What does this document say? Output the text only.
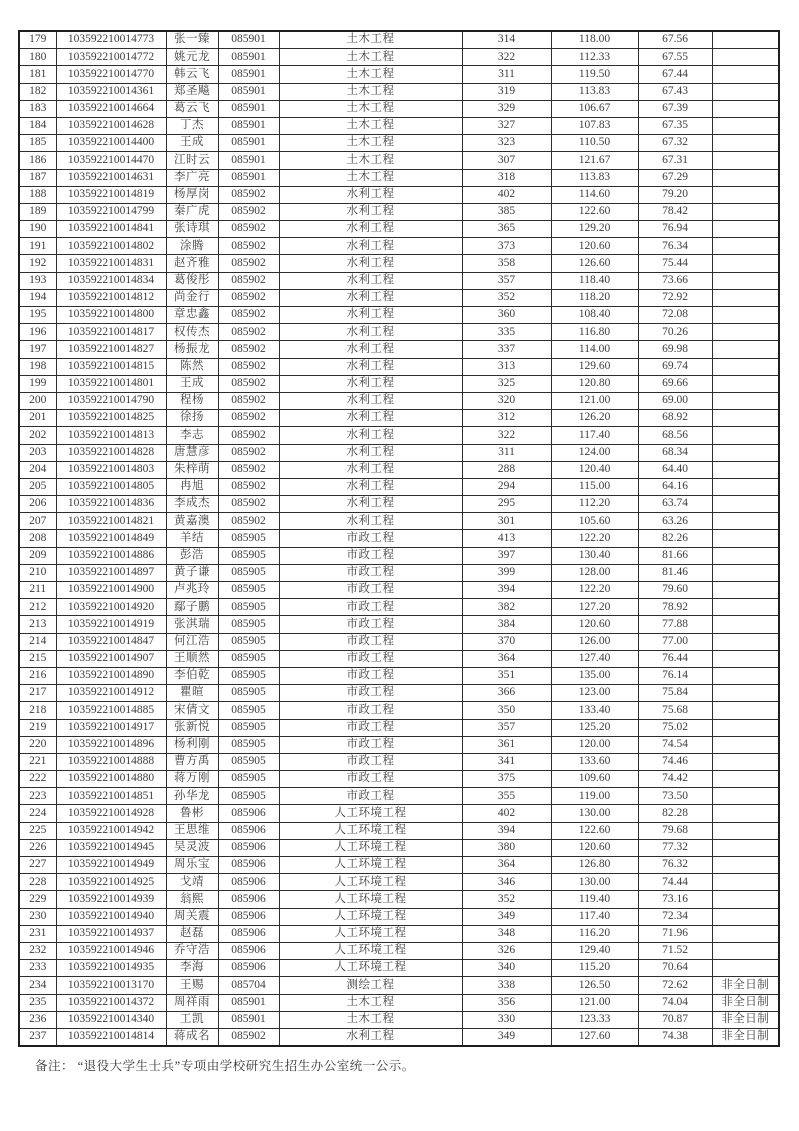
179	103592210014773	张一臻	085901	土木工程	314	118.00	67.56	
180	103592210014772	姚元龙	085901	土木工程	322	112.33	67.55	
181	103592210014770	韩云飞	085901	土木工程	311	119.50	67.44	
182	103592210014361	郑圣飚	085901	土木工程	319	113.83	67.43	
183	103592210014664	葛云飞	085901	土木工程	329	106.67	67.39	
184	103592210014628	丁杰	085901	土木工程	327	107.83	67.35	
185	103592210014400	王成	085901	土木工程	323	110.50	67.32	
186	103592210014470	江时云	085901	土木工程	307	121.67	67.31	
187	103592210014631	李广亮	085901	土木工程	318	113.83	67.29	
188	103592210014819	杨厚岗	085902	水利工程	402	114.60	79.20	
189	103592210014799	秦广虎	085902	水利工程	385	122.60	78.42	
190	103592210014841	张诗琪	085902	水利工程	365	129.20	76.94	
191	103592210014802	涂腾	085902	水利工程	373	120.60	76.34	
192	103592210014831	赵齐雅	085902	水利工程	358	126.60	75.44	
193	103592210014834	葛俊彤	085902	水利工程	357	118.40	73.66	
194	103592210014812	尚金行	085902	水利工程	352	118.20	72.92	
195	103592210014800	章忠鑫	085902	水利工程	360	108.40	72.08	
196	103592210014817	权传杰	085902	水利工程	335	116.80	70.26	
197	103592210014827	杨振龙	085902	水利工程	337	114.00	69.98	
198	103592210014815	陈然	085902	水利工程	313	129.60	69.74	
199	103592210014801	王成	085902	水利工程	325	120.80	69.66	
200	103592210014790	程杨	085902	水利工程	320	121.00	69.00	
201	103592210014825	徐扬	085902	水利工程	312	126.20	68.92	
202	103592210014813	李志	085902	水利工程	322	117.40	68.56	
203	103592210014828	唐慧彦	085902	水利工程	311	124.00	68.34	
204	103592210014803	朱梓萌	085902	水利工程	288	120.40	64.40	
205	103592210014805	冉旭	085902	水利工程	294	115.00	64.16	
206	103592210014836	李成杰	085902	水利工程	295	112.20	63.74	
207	103592210014821	黄嘉澳	085902	水利工程	301	105.60	63.26	
208	103592210014849	羊结	085905	市政工程	413	122.20	82.26	
209	103592210014886	彭浩	085905	市政工程	397	130.40	81.66	
210	103592210014897	黄子谦	085905	市政工程	399	128.00	81.46	
211	103592210014900	卢兆玲	085905	市政工程	394	122.20	79.60	
212	103592210014920	鄢子鹏	085905	市政工程	382	127.20	78.92	
213	103592210014919	张淇瑞	085905	市政工程	384	120.60	77.88	
214	103592210014847	何江浩	085905	市政工程	370	126.00	77.00	
215	103592210014907	王顺然	085905	市政工程	364	127.40	76.44	
216	103592210014890	李伯乾	085905	市政工程	351	135.00	76.14	
217	103592210014912	瞿暄	085905	市政工程	366	123.00	75.84	
218	103592210014885	宋倩文	085905	市政工程	350	133.40	75.68	
219	103592210014917	张新悦	085905	市政工程	357	125.20	75.02	
220	103592210014896	杨利刚	085905	市政工程	361	120.00	74.54	
221	103592210014888	曹方禹	085905	市政工程	341	133.60	74.46	
222	103592210014880	蒋万刚	085905	市政工程	375	109.60	74.42	
223	103592210014851	孙华龙	085905	市政工程	355	119.00	73.50	
224	103592210014928	鲁彬	085906	人工环境工程	402	130.00	82.28	
225	103592210014942	王思维	085906	人工环境工程	394	122.60	79.68	
226	103592210014945	吴灵波	085906	人工环境工程	380	120.60	77.32	
227	103592210014949	周乐宝	085906	人工环境工程	364	126.80	76.32	
228	103592210014925	戈靖	085906	人工环境工程	346	130.00	74.44	
229	103592210014939	翁熙	085906	人工环境工程	352	119.40	73.16	
230	103592210014940	周关震	085906	人工环境工程	349	117.40	72.34	
231	103592210014937	赵磊	085906	人工环境工程	348	116.20	71.96	
232	103592210014946	乔守浩	085906	人工环境工程	326	129.40	71.52	
233	103592210014935	李海	085906	人工环境工程	340	115.20	70.64	
234	103592210013170	王赐	085704	测绘工程	338	126.50	72.62	非全日制
235	103592210014372	周祥雨	085901	土木工程	356	121.00	74.04	非全日制
236	103592210014340	工凯	085901	土木工程	330	123.33	70.87	非全日制
237	103592210014814	蒋成名	085902	水利工程	349	127.60	74.38	非全日制
备注： “退役大学生士兵”专项由学校研究生招生办公室统一公示。
